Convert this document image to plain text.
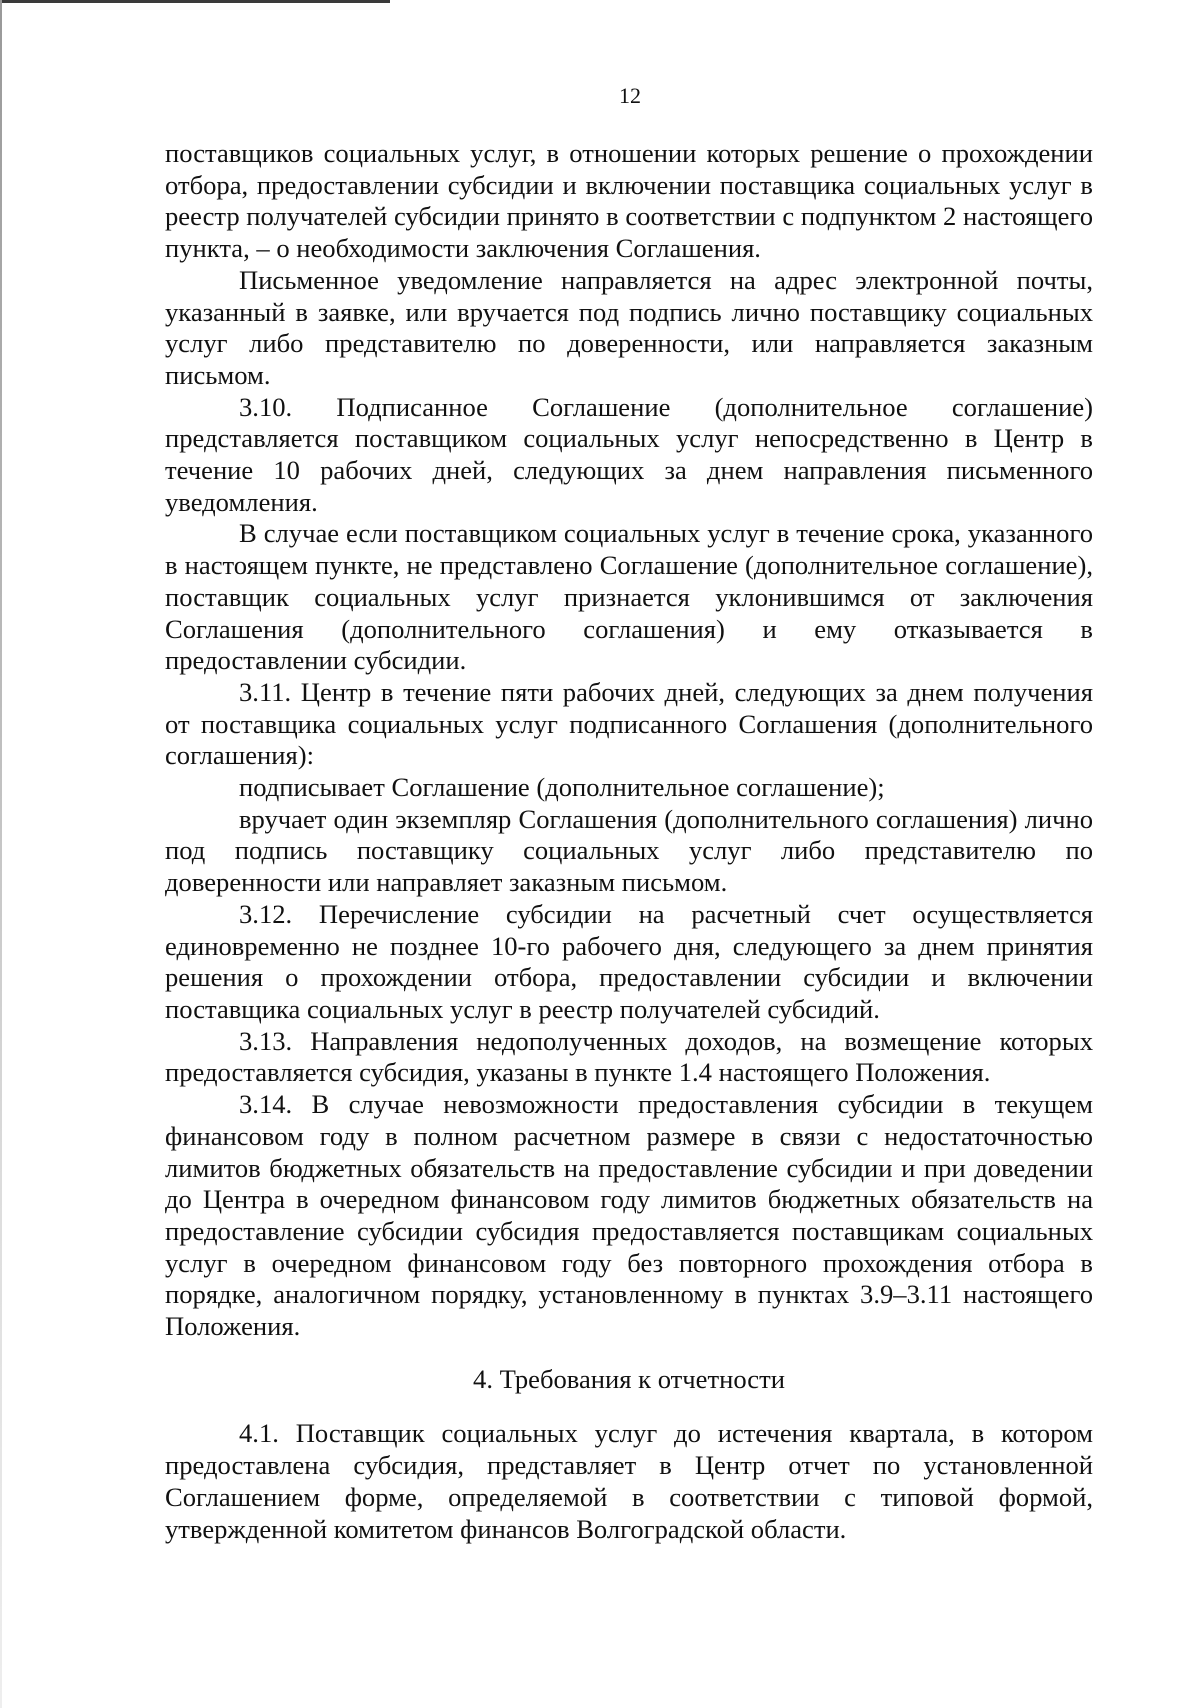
12

поставщиков социальных услуг, в отношении которых решение о прохождении отбора, предоставлении субсидии и включении поставщика социальных услуг в реестр получателей субсидии принято в соответствии с подпунктом 2 настоящего пункта, – о необходимости заключения Соглашения.

Письменное уведомление направляется на адрес электронной почты, указанный в заявке, или вручается под подпись лично поставщику социальных услуг либо представителю по доверенности, или направляется заказным письмом.

3.10. Подписанное Соглашение (дополнительное соглашение) представляется поставщиком социальных услуг непосредственно в Центр в течение 10 рабочих дней, следующих за днем направления письменного уведомления.

В случае если поставщиком социальных услуг в течение срока, указанного в настоящем пункте, не представлено Соглашение (дополнительное соглашение), поставщик социальных услуг признается уклонившимся от заключения Соглашения (дополнительного соглашения) и ему отказывается в предоставлении субсидии.

3.11. Центр в течение пяти рабочих дней, следующих за днем получения от поставщика социальных услуг подписанного Соглашения (дополнительного соглашения):

подписывает Соглашение (дополнительное соглашение);

вручает один экземпляр Соглашения (дополнительного соглашения) лично под подпись поставщику социальных услуг либо представителю по доверенности или направляет заказным письмом.

3.12. Перечисление субсидии на расчетный счет осуществляется единовременно не позднее 10-го рабочего дня, следующего за днем принятия решения о прохождении отбора, предоставлении субсидии и включении поставщика социальных услуг в реестр получателей субсидий.

3.13. Направления недополученных доходов, на возмещение которых предоставляется субсидия, указаны в пункте 1.4 настоящего Положения.

3.14. В случае невозможности предоставления субсидии в текущем финансовом году в полном расчетном размере в связи с недостаточностью лимитов бюджетных обязательств на предоставление субсидии и при доведении до Центра в очередном финансовом году лимитов бюджетных обязательств на предоставление субсидии субсидия предоставляется поставщикам социальных услуг в очередном финансовом году без повторного прохождения отбора в порядке, аналогичном порядку, установленному в пунктах 3.9–3.11 настоящего Положения.

4. Требования к отчетности

4.1. Поставщик социальных услуг до истечения квартала, в котором предоставлена субсидия, представляет в Центр отчет по установленной Соглашением форме, определяемой в соответствии с типовой формой, утвержденной комитетом финансов Волгоградской области.
